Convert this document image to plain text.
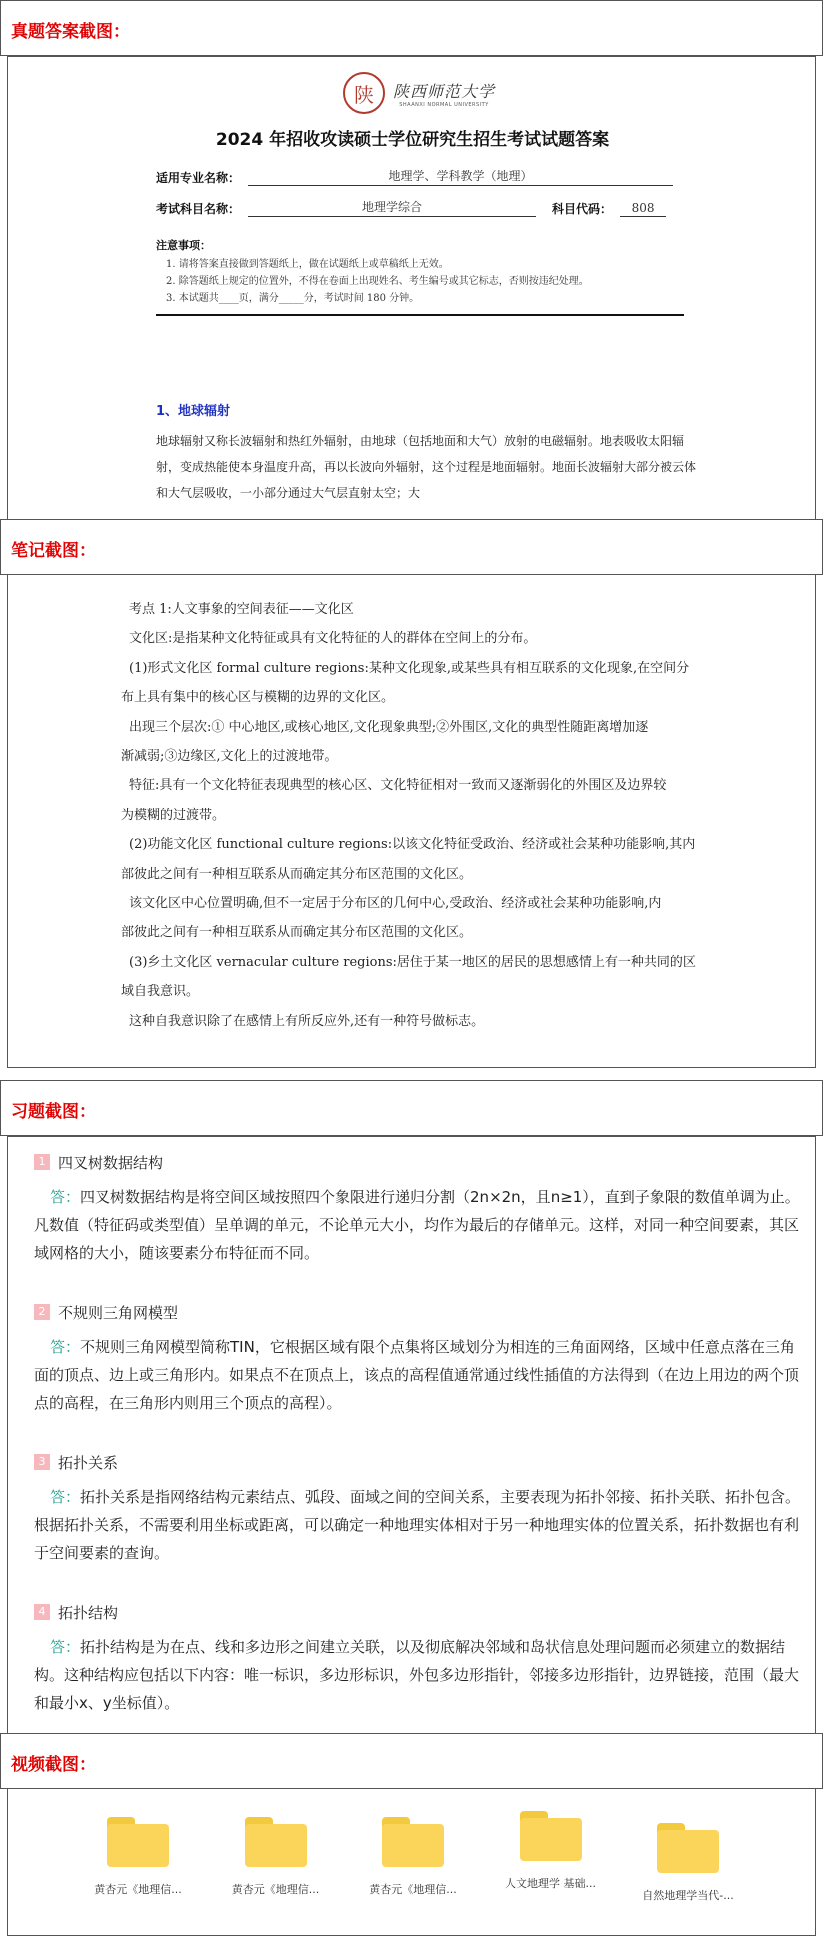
真题答案截图：
陕 陕西师范大学
SHAANXI NORMAL UNIVERSITY
2024 年招收攻读硕士学位研究生招生考试试题答案
适用专业名称：	地理学、学科教学（地理）
考试科目名称：	地理学综合	科目代码：	808
注意事项：
1. 请将答案直接做到答题纸上，做在试题纸上或草稿纸上无效。
2. 除答题纸上规定的位置外，不得在卷面上出现姓名、考生编号或其它标志，否则按违纪处理。
3. 本试题共____页，满分_____分，考试时间 180 分钟。
1、地球辐射
地球辐射又称长波辐射和热红外辐射，由地球（包括地面和大气）放射的电磁辐射。地表吸收太阳辐射，变成热能使本身温度升高，再以长波向外辐射，这个过程是地面辐射。地面长波辐射大部分被云体和大气层吸收，一小部分通过大气层直射太空；大
笔记截图：

考点 1:人文事象的空间表征——文化区

文化区:是指某种文化特征或具有文化特征的人的群体在空间上的分布。

(1)形式文化区 formal culture regions:某种文化现象,或某些具有相互联系的文化现象,在空间分

布上具有集中的核心区与模糊的边界的文化区。

出现三个层次:① 中心地区,或核心地区,文化现象典型;②外围区,文化的典型性随距离增加逐

渐减弱;③边缘区,文化上的过渡地带。

特征:具有一个文化特征表现典型的核心区、文化特征相对一致而又逐渐弱化的外围区及边界较

为模糊的过渡带。

(2)功能文化区 functional culture regions:以该文化特征受政治、经济或社会某种功能影响,其内

部彼此之间有一种相互联系从而确定其分布区范围的文化区。

该文化区中心位置明确,但不一定居于分布区的几何中心,受政治、经济或社会某种功能影响,内

部彼此之间有一种相互联系从而确定其分布区范围的文化区。

(3)乡土文化区 vernacular culture regions:居住于某一地区的居民的思想感情上有一种共同的区

域自我意识。

这种自我意识除了在感情上有所反应外,还有一种符号做标志。

习题截图：
1 四叉树数据结构
答：四叉树数据结构是将空间区域按照四个象限进行递归分割（2n×2n，且n≥1），直到子象限的数值单调为止。凡数值（特征码或类型值）呈单调的单元，不论单元大小，均作为最后的存储单元。这样，对同一种空间要素，其区域网格的大小，随该要素分布特征而不同。
2 不规则三角网模型
答：不规则三角网模型简称TIN，它根据区域有限个点集将区域划分为相连的三角面网络，区域中任意点落在三角面的顶点、边上或三角形内。如果点不在顶点上，该点的高程值通常通过线性插值的方法得到（在边上用边的两个顶点的高程，在三角形内则用三个顶点的高程）。
3 拓扑关系
答：拓扑关系是指网络结构元素结点、弧段、面域之间的空间关系，主要表现为拓扑邻接、拓扑关联、拓扑包含。根据拓扑关系，不需要利用坐标或距离，可以确定一种地理实体相对于另一种地理实体的位置关系，拓扑数据也有利于空间要素的查询。
4 拓扑结构
答：拓扑结构是为在点、线和多边形之间建立关联，以及彻底解决邻域和岛状信息处理问题而必须建立的数据结构。这种结构应包括以下内容：唯一标识，多边形标识，外包多边形指针，邻接多边形指针，边界链接，范围（最大和最小x、y坐标值）。
视频截图：
黄杏元《地理信...	黄杏元《地理信...	黄杏元《地理信...	人文地理学 基础...
自然地理学当代-...
